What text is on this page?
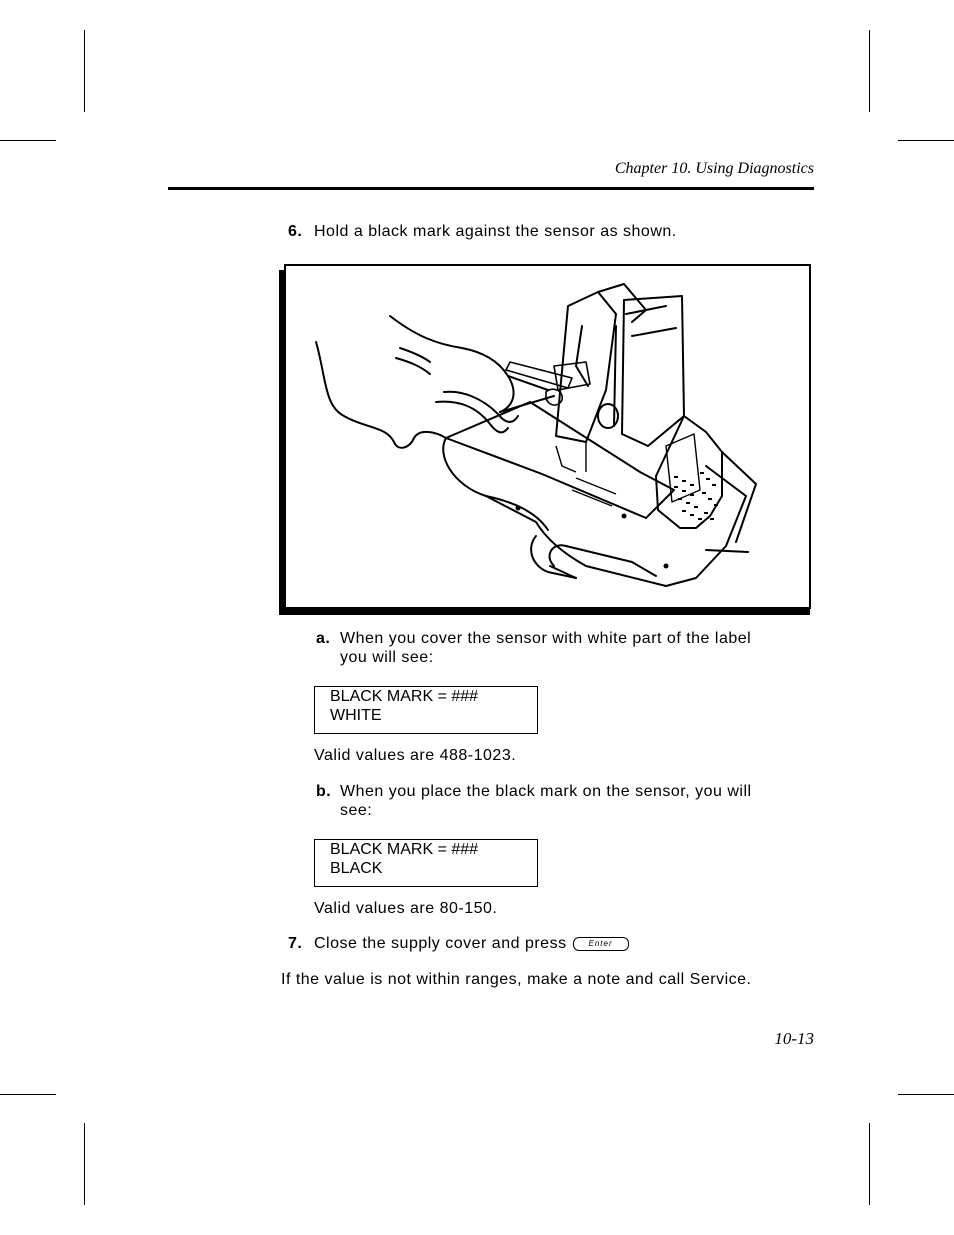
Chapter 10. Using Diagnostics
6. Hold a black mark against the sensor as shown.
a. When you cover the sensor with white part of the label
you will see:
BLACK MARK = ###
WHITE
Valid values are 488-1023.
b. When you place the black mark on the sensor, you will
see:
BLACK MARK = ###
BLACK
Valid values are 80-150.
7. Close the supply cover and press	Enter
If the value is not within ranges, make a note and call Service.
10-13
